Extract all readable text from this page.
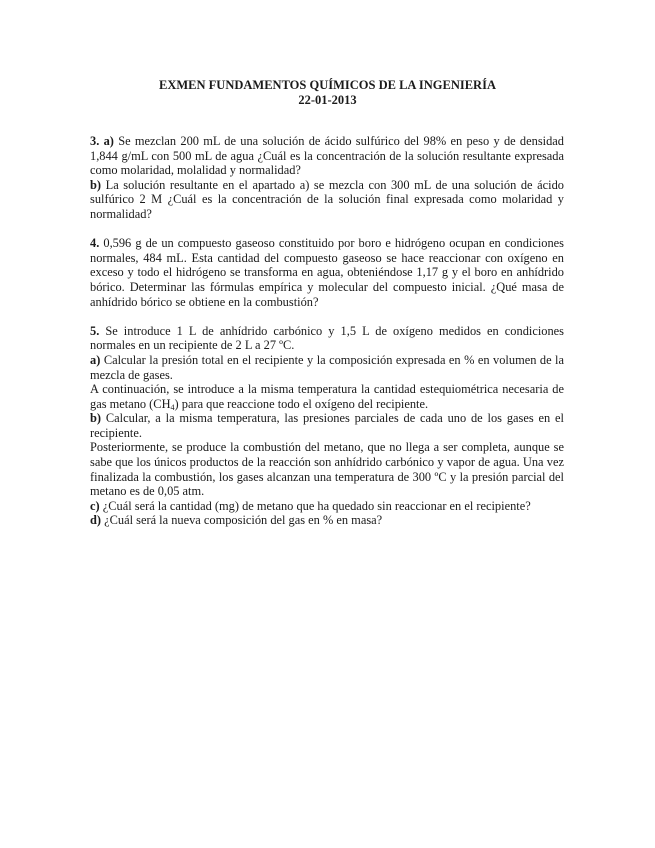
EXMEN FUNDAMENTOS QUÍMICOS DE LA INGENIERÍA
22-01-2013

3. a) Se mezclan 200 mL de una solución de ácido sulfúrico del 98% en peso y de densidad 1,844 g/mL con 500 mL de agua ¿Cuál es la concentración de la solución resultante expresada como molaridad, molalidad y normalidad?

b) La solución resultante en el apartado a) se mezcla con 300 mL de una solución de ácido sulfúrico 2 M ¿Cuál es la concentración de la solución final expresada como molaridad y normalidad?

4. 0,596 g de un compuesto gaseoso constituido por boro e hidrógeno ocupan en condiciones normales, 484 mL. Esta cantidad del compuesto gaseoso se hace reaccionar con oxígeno en exceso y todo el hidrógeno se transforma en agua, obteniéndose 1,17 g y el boro en anhídrido bórico. Determinar las fórmulas empírica y molecular del compuesto inicial. ¿Qué masa de anhídrido bórico se obtiene en la combustión?

5. Se introduce 1 L de anhídrido carbónico y 1,5 L de oxígeno medidos en condiciones normales en un recipiente de 2 L a 27 ºC.

a) Calcular la presión total en el recipiente y la composición expresada en % en volumen de la mezcla de gases.

A continuación, se introduce a la misma temperatura la cantidad estequiométrica necesaria de gas metano $(CH_4)$ para que reaccione todo el oxígeno del recipiente.

b) Calcular, a la misma temperatura, las presiones parciales de cada uno de los gases en el recipiente.

Posteriormente, se produce la combustión del metano, que no llega a ser completa, aunque se sabe que los únicos productos de la reacción son anhídrido carbónico y vapor de agua. Una vez finalizada la combustión, los gases alcanzan una temperatura de 300 ºC y la presión parcial del metano es de 0,05 atm.

c) ¿Cuál será la cantidad (mg) de metano que ha quedado sin reaccionar en el recipiente?

d) ¿Cuál será la nueva composición del gas en % en masa?
